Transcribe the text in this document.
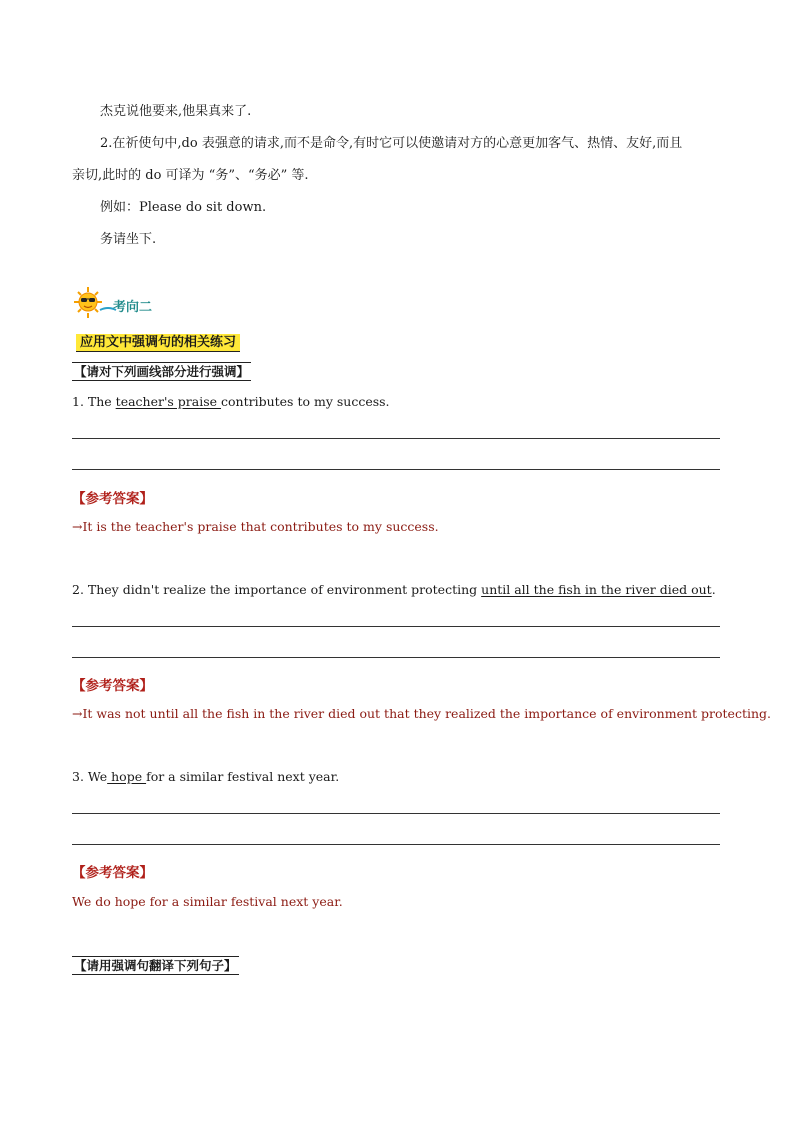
杰克说他要来,他果真来了.
2.在祈使句中,do 表强意的请求,而不是命令,有时它可以使邀请对方的心意更加客气、热情、友好,而且
亲切,此时的 do 可译为 “务”、“务必” 等.
例如：Please do sit down.
务请坐下.
考向二
应用文中强调句的相关练习
【请对下列画线部分进行强调】
1. The teacher's praise contributes to my success.
【参考答案】
→It is the teacher's praise that contributes to my success.
2. They didn't realize the importance of environment protecting until all the fish in the river died out.
【参考答案】
→It was not until all the fish in the river died out that they realized the importance of environment protecting.
3. We hope for a similar festival next year.
【参考答案】
We do hope for a similar festival next year.
【请用强调句翻译下列句子】
